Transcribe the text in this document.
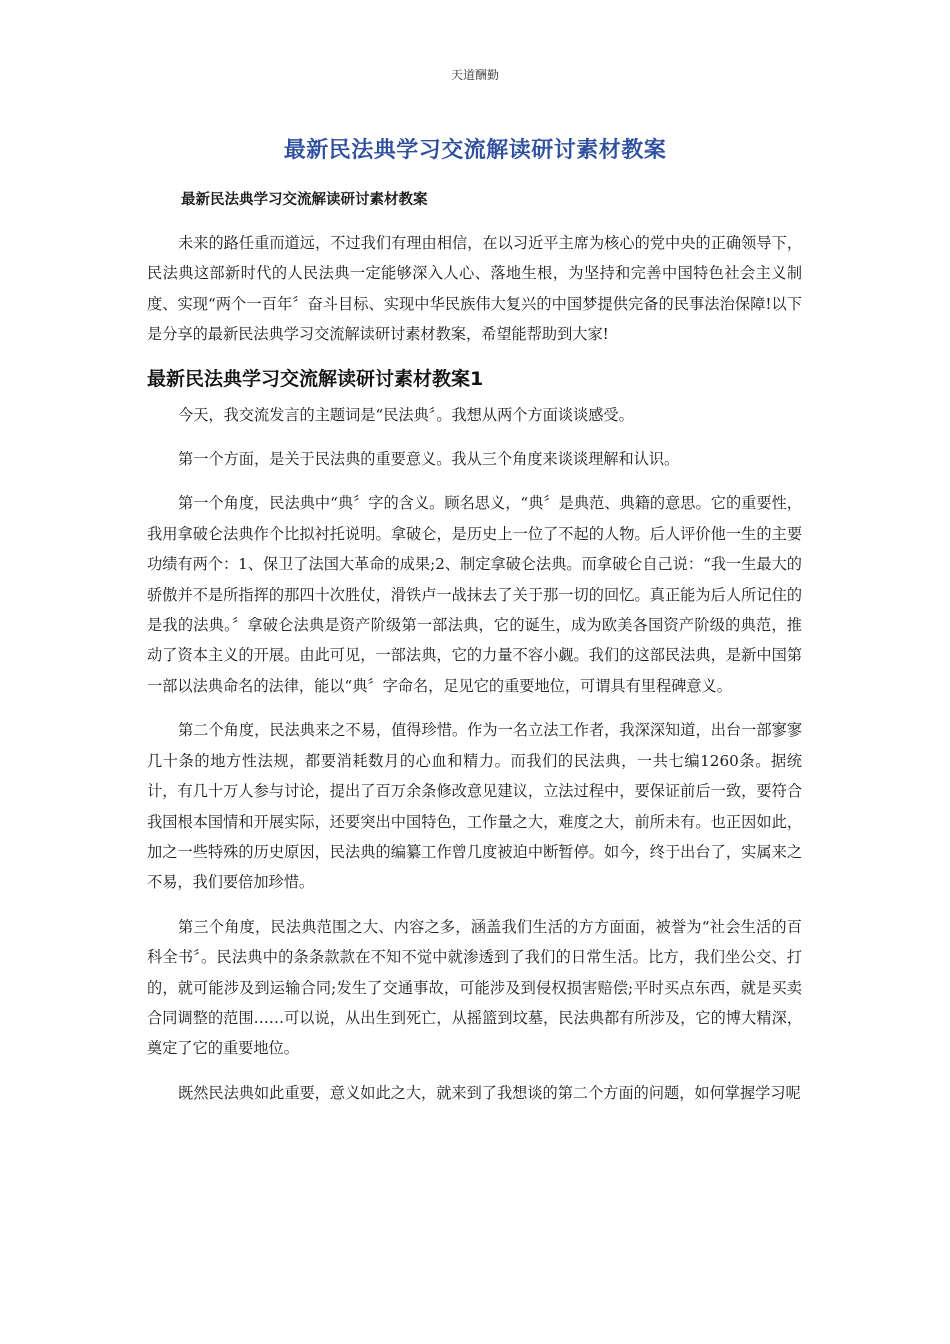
天道酬勤
最新民法典学习交流解读研讨素材教案
最新民法典学习交流解读研讨素材教案

未来的路任重而道远，不过我们有理由相信，在以习近平主席为核心的党中央的正确领导下，民法典这部新时代的人民法典一定能够深入人心、落地生根，为坚持和完善中国特色社会主义制度、实现“两个一百年〞奋斗目标、实现中华民族伟大复兴的中国梦提供完备的民事法治保障!以下是分享的最新民法典学习交流解读研讨素材教案，希望能帮助到大家!

最新民法典学习交流解读研讨素材教案1

今天，我交流发言的主题词是“民法典〞。我想从两个方面谈谈感受。

第一个方面，是关于民法典的重要意义。我从三个角度来谈谈理解和认识。

第一个角度，民法典中“典〞字的含义。顾名思义，“典〞是典范、典籍的意思。它的重要性，我用拿破仑法典作个比拟衬托说明。拿破仑，是历史上一位了不起的人物。后人评价他一生的主要功绩有两个：1、保卫了法国大革命的成果;2、制定拿破仑法典。而拿破仑自己说：“我一生最大的骄傲并不是所指挥的那四十次胜仗，滑铁卢一战抹去了关于那一切的回忆。真正能为后人所记住的是我的法典。〞拿破仑法典是资产阶级第一部法典，它的诞生，成为欧美各国资产阶级的典范，推动了资本主义的开展。由此可见，一部法典，它的力量不容小觑。我们的这部民法典，是新中国第一部以法典命名的法律，能以“典〞字命名，足见它的重要地位，可谓具有里程碑意义。

第二个角度，民法典来之不易，值得珍惜。作为一名立法工作者，我深深知道，出台一部寥寥几十条的地方性法规，都要消耗数月的心血和精力。而我们的民法典，一共七编1260条。据统计，有几十万人参与讨论，提出了百万余条修改意见建议，立法过程中，要保证前后一致，要符合我国根本国情和开展实际，还要突出中国特色，工作量之大，难度之大，前所未有。也正因如此，加之一些特殊的历史原因，民法典的编纂工作曾几度被迫中断暂停。如今，终于出台了，实属来之不易，我们要倍加珍惜。

第三个角度，民法典范围之大、内容之多，涵盖我们生活的方方面面，被誉为“社会生活的百科全书〞。民法典中的条条款款在不知不觉中就渗透到了我们的日常生活。比方，我们坐公交、打的，就可能涉及到运输合同;发生了交通事故，可能涉及到侵权损害赔偿;平时买点东西，就是买卖合同调整的范围……可以说，从出生到死亡，从摇篮到坟墓，民法典都有所涉及，它的博大精深，奠定了它的重要地位。

既然民法典如此重要，意义如此之大，就来到了我想谈的第二个方面的问题，如何掌握学习呢
